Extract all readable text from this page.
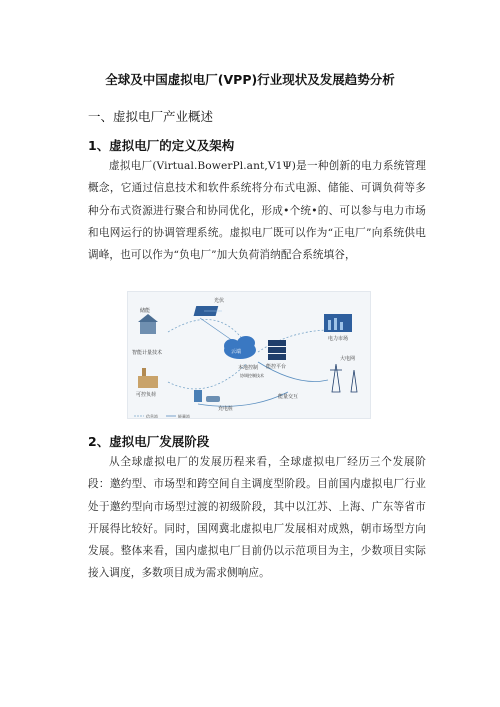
全球及中国虚拟电厂(VPP)行业现状及发展趋势分析
一、虚拟电厂产业概述
1、虚拟电厂的定义及架构

虚拟电厂(Virtual.BowerPl.ant,V1Ψ)是一种创新的电力系统管理概念，它通过信息技术和软件系统将分布式电源、储能、可调负荷等多种分布式资源进行聚合和协同优化，形成•个统•的、可以参与电力市场和电网运行的协调管理系统。虚拟电厂既可以作为“正电厂”向系统供电调峰，也可以作为“负电厂”加大负荷消纳配合系统填谷，

光伏
储能
智能计量技术
可控负荷
云端
本地控制
协调控制技术
能控平台
电力市场
大电网
充电桩
能量交互
信息流	能量流
2、虚拟电厂发展阶段

从全球虚拟电厂的发展历程来看，全球虚拟电厂经历三个发展阶段：邀约型、市场型和跨空间自主调度型阶段。目前国内虚拟电厂行业处于邀约型向市场型过渡的初级阶段，其中以江苏、上海、广东等省市开展得比较好。同时，国网冀北虚拟电厂发展相对成熟，朝市场型方向发展。整体来看，国内虚拟电厂目前仍以示范项目为主，少数项目实际接入调度，多数项目成为需求侧响应。
